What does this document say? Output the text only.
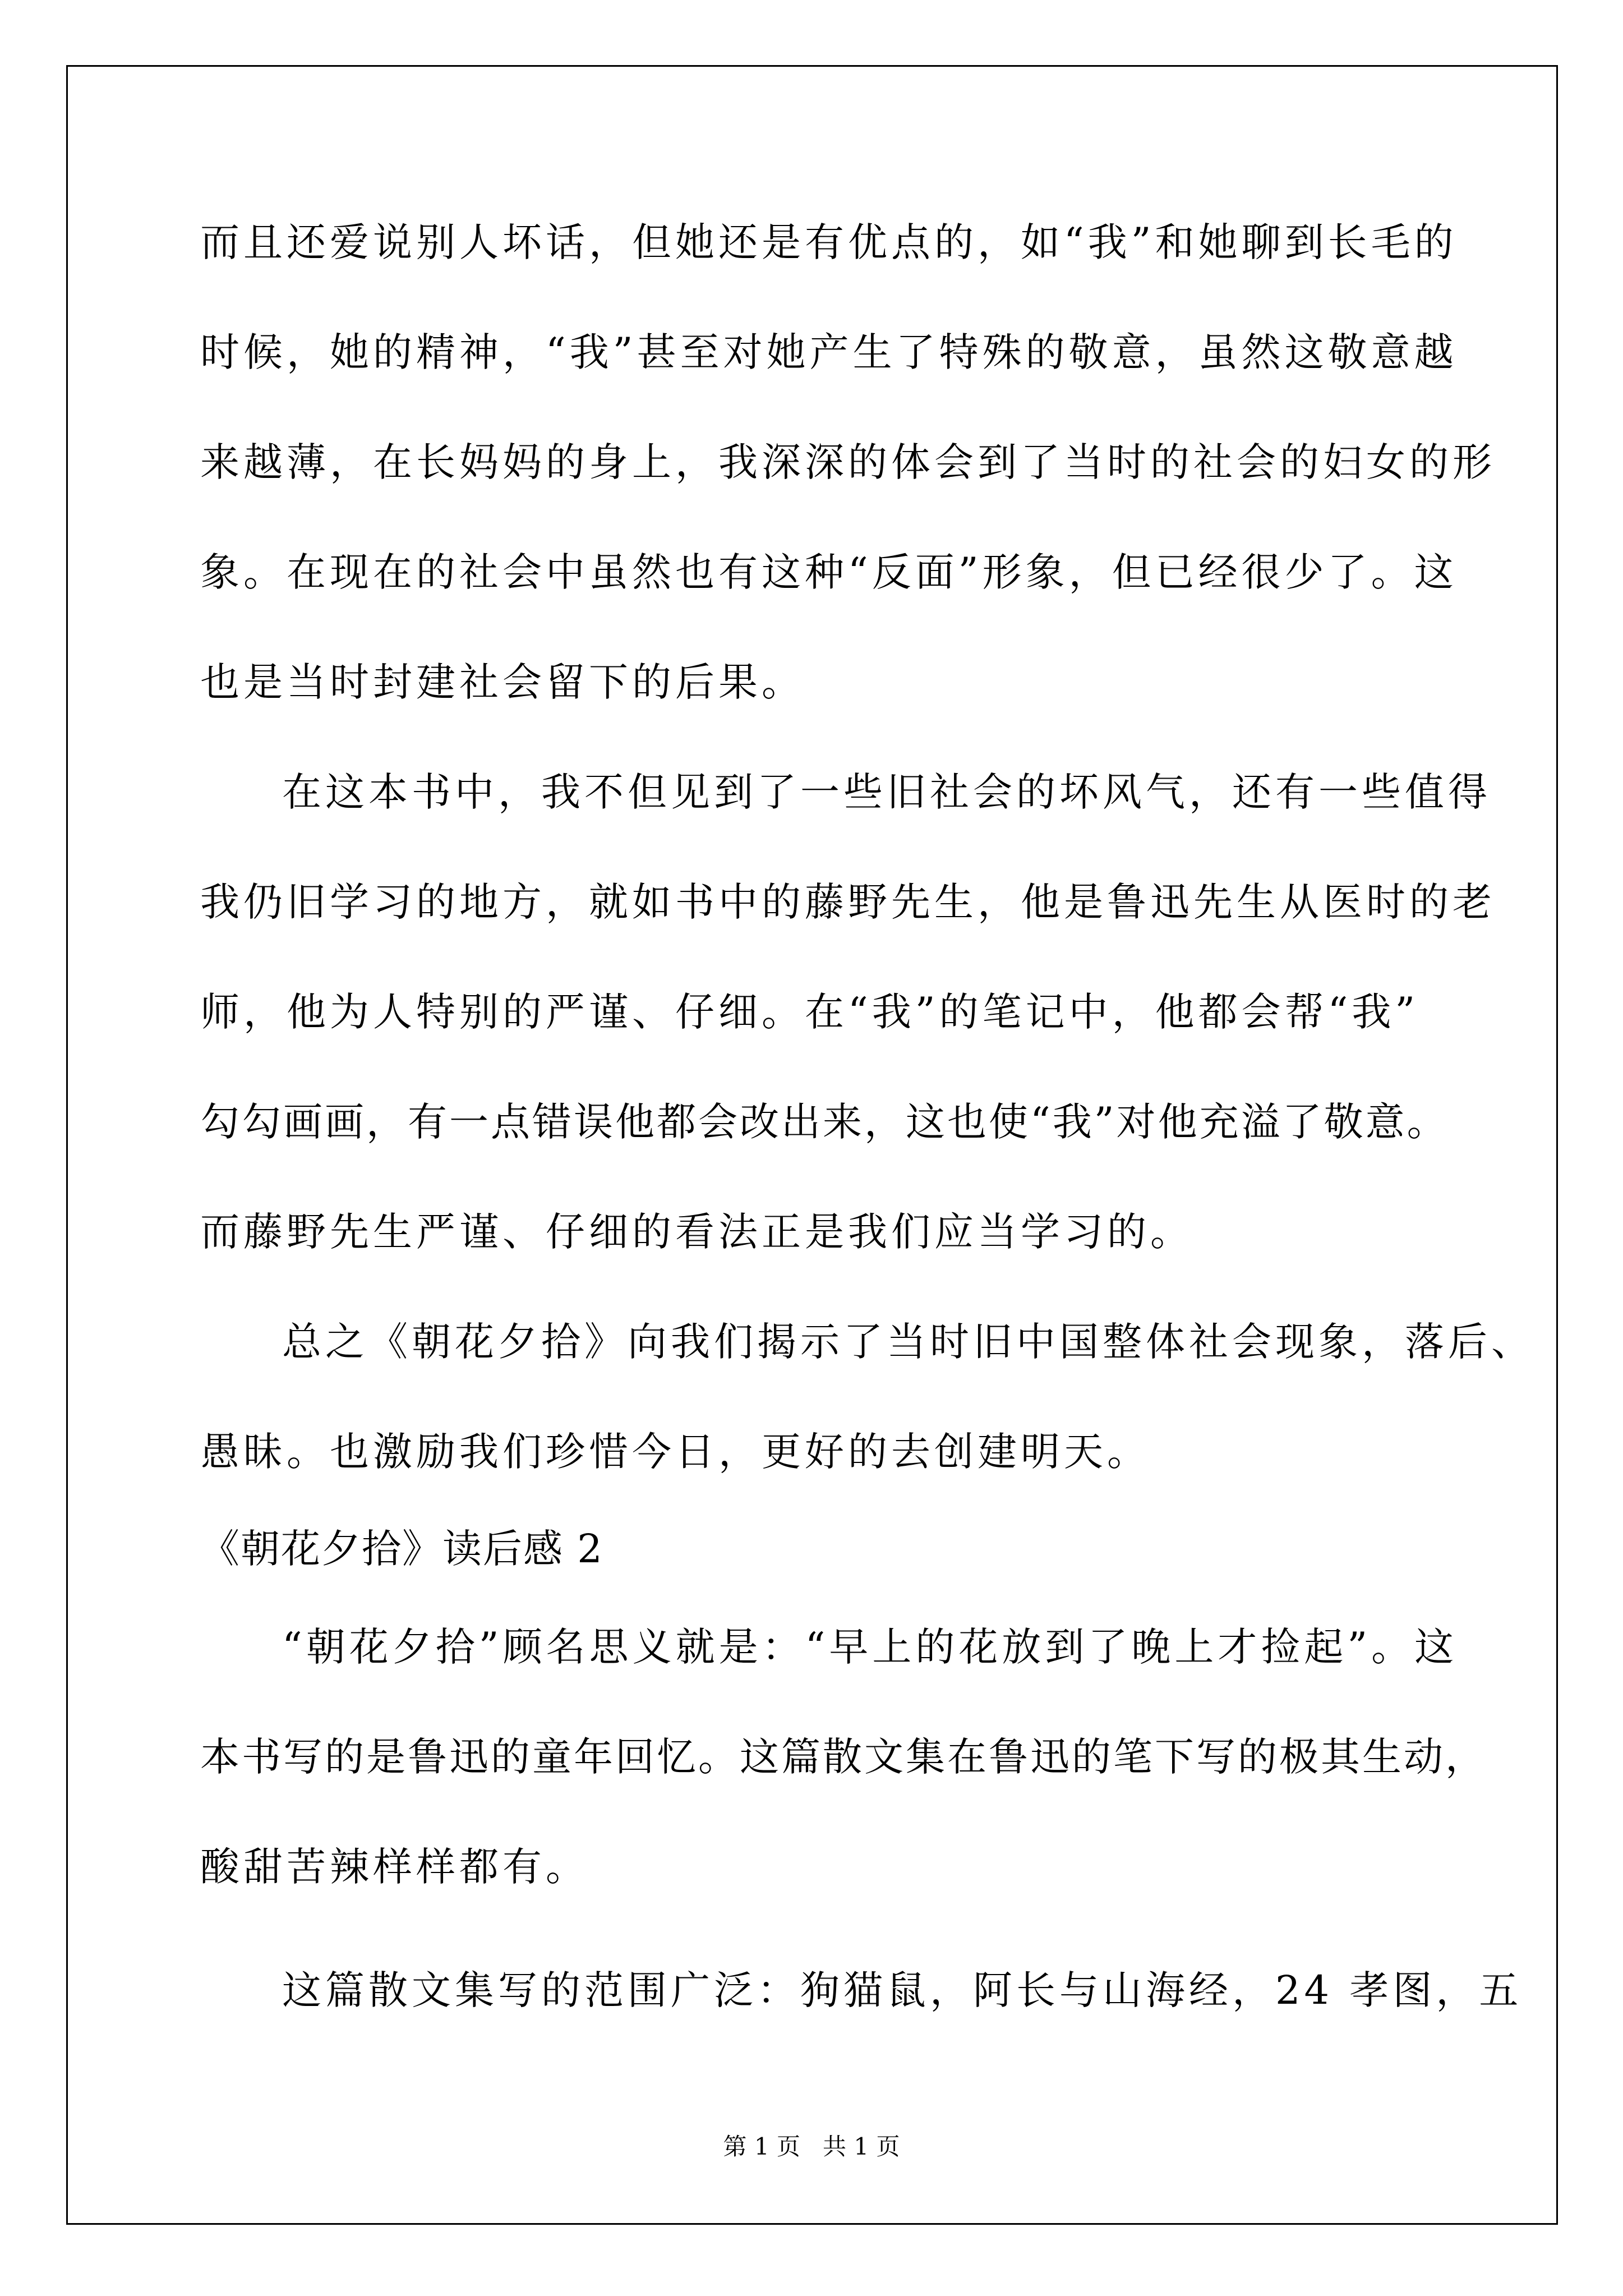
而且还爱说别人坏话，但她还是有优点的，如“我”和她聊到长毛的
时候，她的精神，“我”甚至对她产生了特殊的敬意，虽然这敬意越
来越薄，在长妈妈的身上，我深深的体会到了当时的社会的妇女的形
象。在现在的社会中虽然也有这种“反面”形象，但已经很少了。这
也是当时封建社会留下的后果。
在这本书中，我不但见到了一些旧社会的坏风气，还有一些值得
我仍旧学习的地方，就如书中的藤野先生，他是鲁迅先生从医时的老
师，他为人特别的严谨、仔细。在“我”的笔记中，他都会帮“我”
勾勾画画，有一点错误他都会改出来，这也使“我”对他充溢了敬意。
而藤野先生严谨、仔细的看法正是我们应当学习的。
总之《朝花夕拾》向我们揭示了当时旧中国整体社会现象，落后、
愚昧。也激励我们珍惜今日，更好的去创建明天。
《朝花夕拾》读后感 2
“朝花夕拾”顾名思义就是：“早上的花放到了晚上才捡起”。这
本书写的是鲁迅的童年回忆。这篇散文集在鲁迅的笔下写的极其生动，
酸甜苦辣样样都有。
这篇散文集写的范围广泛：狗猫鼠，阿长与山海经，24 孝图，五
第 1 页   共 1 页
